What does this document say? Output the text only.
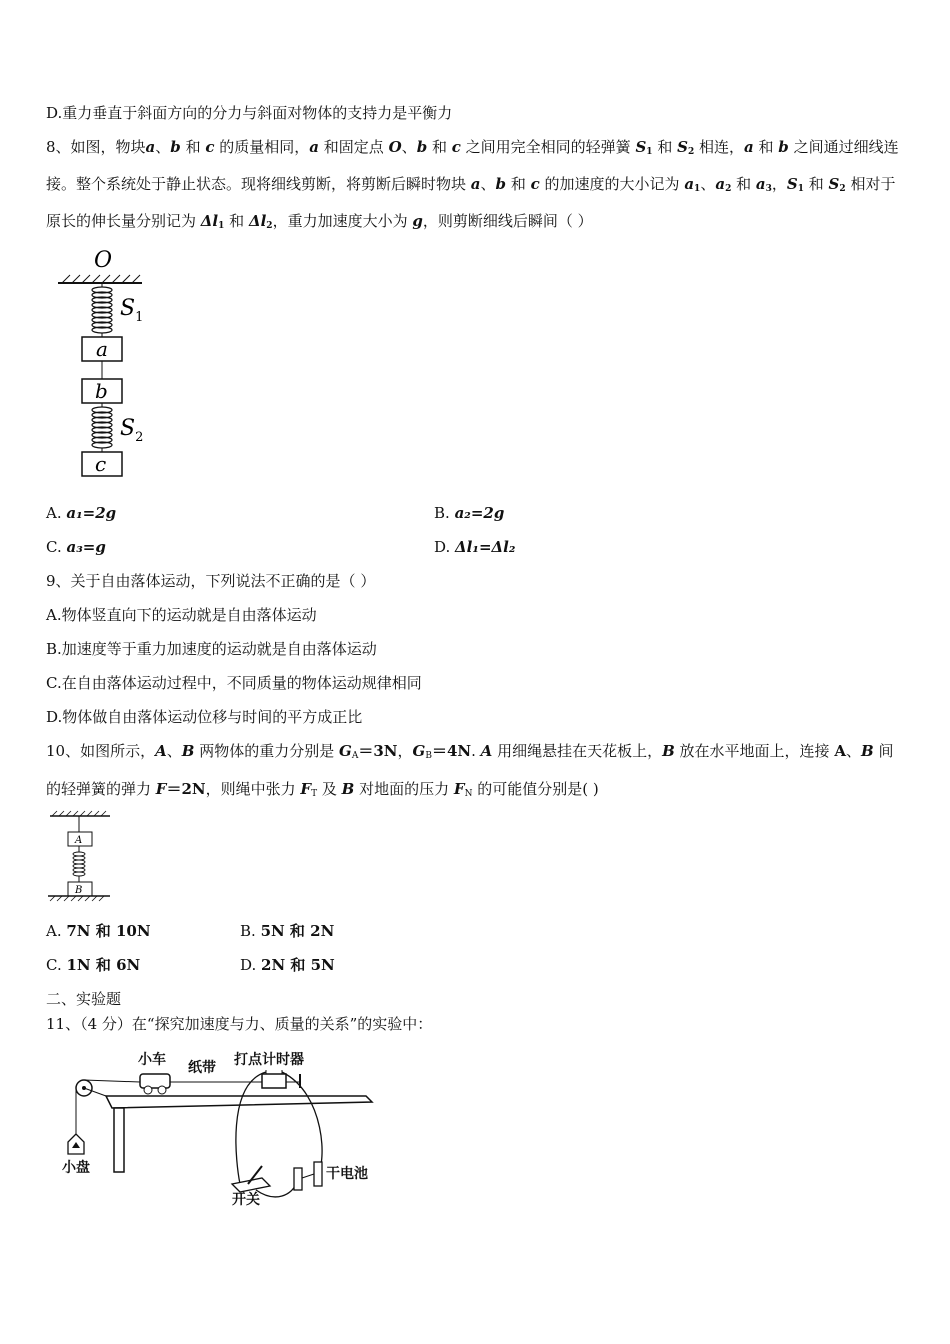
D.重力垂直于斜面方向的分力与斜面对物体的支持力是平衡力
8、如图，物块a、b 和 c 的质量相同，a 和固定点 O、b 和 c 之间用完全相同的轻弹簧 $S_1$ 和 $S_2$ 相连，a 和 b 之间通过细线连
接。整个系统处于静止状态。现将细线剪断，将剪断后瞬时物块 a、b 和 c 的加速度的大小记为 $a_1$、$a_2$ 和 $a_3$，$S_1$ 和 $S_2$ 相对于
原长的伸长量分别记为 $\Delta l_1$ 和 $\Delta l_2$，重力加速度大小为 g，则剪断细线后瞬间（ ）
O
$S_1$
a
b
$S_2$
c
A. a₁=2g	B. a₂=2g
C. a₃=g	D. Δl₁=Δl₂
9、关于自由落体运动，下列说法不正确的是（ ）
A.物体竖直向下的运动就是自由落体运动
B.加速度等于重力加速度的运动就是自由落体运动
C.在自由落体运动过程中，不同质量的物体运动规律相同
D.物体做自由落体运动位移与时间的平方成正比
10、如图所示，A、B 两物体的重力分别是 $G_A=3N$，$G_B=4N$. A 用细绳悬挂在天花板上，B 放在水平地面上，连接 A、B 间
的轻弹簧的弹力 F＝2N，则绳中张力 $F_T$ 及 B 对地面的压力 $F_N$ 的可能值分别是( )
A
B
A. 7N 和 10N	B. 5N 和 2N
C. 1N 和 6N	D. 2N 和 5N
二、实验题
11、（4 分）在“探究加速度与力、质量的关系”的实验中：
小车 纸带 打点计时器
小盘
开关
干电池
